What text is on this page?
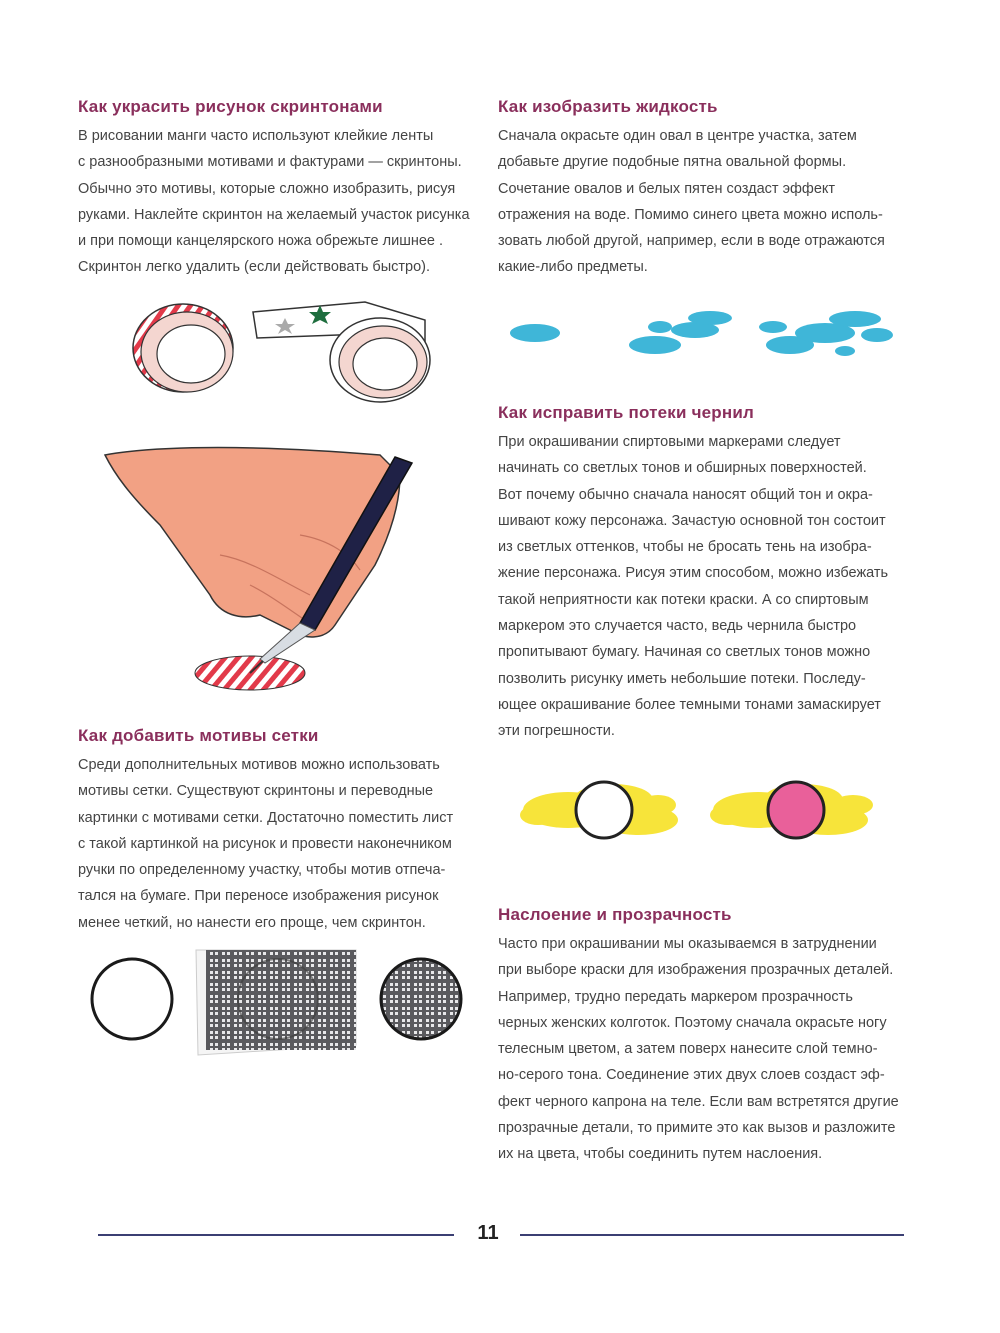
Как украсить рисунок скринтонами

В рисовании манги часто используют клейкие ленты
с разнообразными мотивами и фактурами — скринтоны.
Обычно это мотивы, которые сложно изобразить, рисуя
руками. Наклейте скринтон на желаемый участок рисунка
и при помощи канцелярского ножа обрежьте лишнее .
Скринтон легко удалить (если действовать быстро).

Как изобразить жидкость

Сначала окрасьте один овал в центре участка, затем
добавьте другие подобные пятна овальной формы.
Сочетание овалов и белых пятен создаст эффект
отражения на воде. Помимо синего цвета можно исполь-
зовать любой другой, например, если в воде отражаются
какие-либо предметы.

Как исправить потеки чернил

При окрашивании спиртовыми маркерами следует
начинать со светлых тонов и обширных поверхностей.
Вот почему обычно сначала наносят общий тон и окра-
шивают кожу персонажа. Зачастую основной тон состоит
из светлых оттенков, чтобы не бросать тень на изобра-
жение персонажа. Рисуя этим способом, можно избежать
такой неприятности как потеки краски. А со спиртовым
маркером это случается часто, ведь чернила быстро
пропитывают бумагу. Начиная со светлых тонов можно
позволить рисунку иметь небольшие потеки. Последу-
ющее окрашивание более темными тонами замаскирует
эти погрешности.

Как добавить мотивы сетки

Среди дополнительных мотивов можно использовать
мотивы сетки. Существуют скринтоны и переводные
картинки с мотивами сетки. Достаточно поместить лист
с такой картинкой на рисунок и провести наконечником
ручки по определенному участку, чтобы мотив отпеча-
тался на бумаге. При переносе изображения рисунок
менее четкий, но нанести его проще, чем скринтон.	Наслоение и прозрачность

Часто при окрашивании мы оказываемся в затруднении
при выборе краски для изображения прозрачных деталей.
Например, трудно передать маркером прозрачность
черных женских колготок. Поэтому сначала окрасьте ногу
телесным цветом, а затем поверх нанесите слой темно-
но-серого тона. Соединение этих двух слоев создаст эф-
фект черного капрона на теле. Если вам встретятся другие
прозрачные детали, то примите это как вызов и разложите
их на цвета, чтобы соединить путем наслоения.

11
